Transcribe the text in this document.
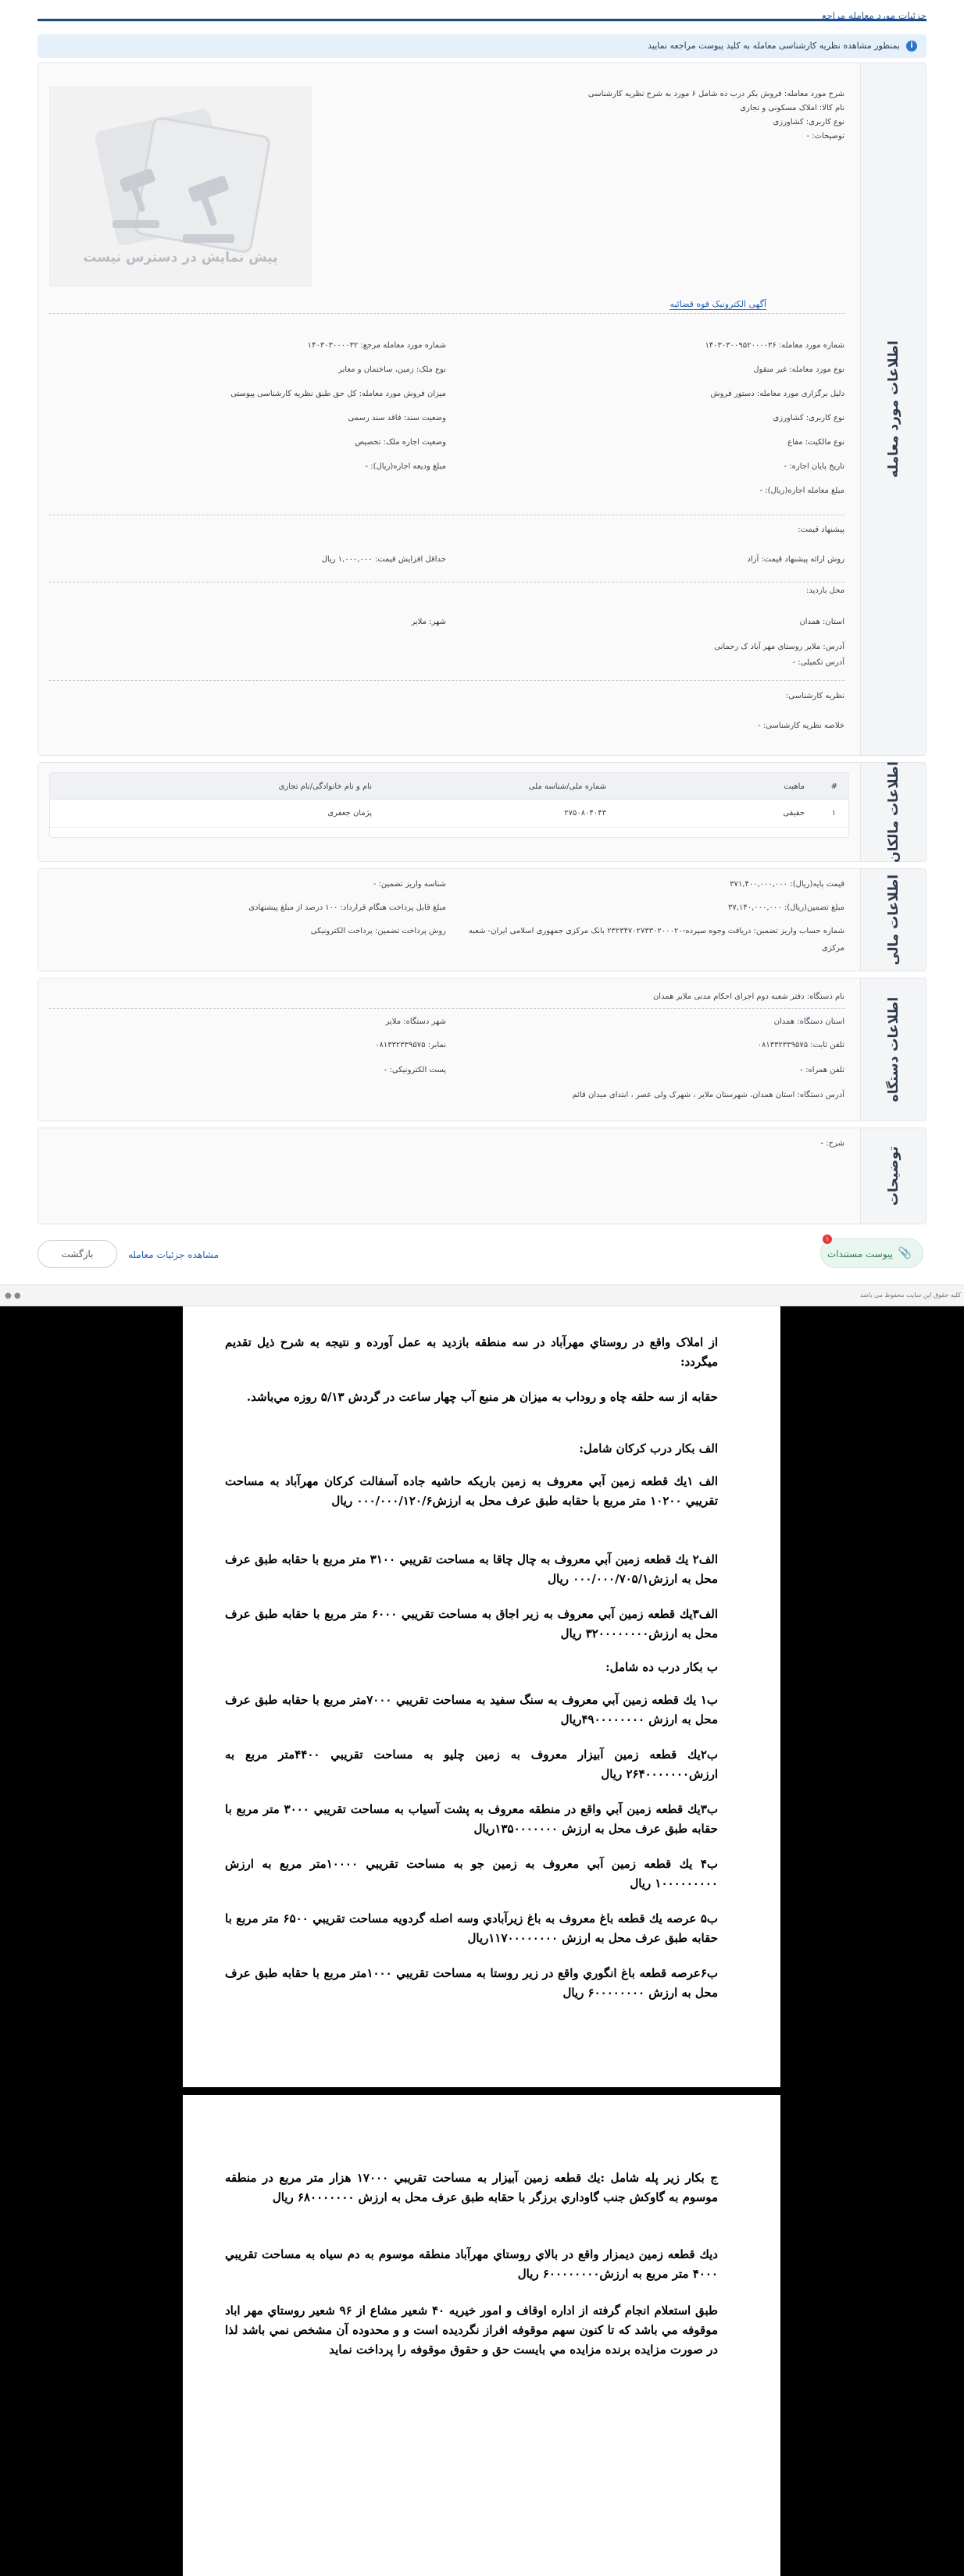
جزئیات مورد معامله مراجع
i
بمنظور مشاهده نظریه کارشناسی معامله به کلید پیوست مراجعه نمایید
اطلاعات مورد معامله
شرح مورد معامله: فروش بکر درب ده شامل ۶ مورد به شرح نظریه کارشناسی
نام کالا: املاک مسکونی و تجاری
نوع کاربری: کشاورزی
توضیحات: -
پیش نمایش در دسترس نیست
آگهی الکترونیک قوه قضائیه
شماره مورد معامله: ۱۴۰۳۰۳۰۰۹۵۲۰۰۰۰۳۶
نوع مورد معامله: غیر منقول
دلیل برگزاری مورد معامله: دستور فروش
نوع کاربری: کشاورزی
نوع مالکیت: مفاع
تاریخ پایان اجاره: -
مبلغ معامله اجاره(ریال): -
شماره مورد معامله مرجع: ۱۴۰۳۰۳۰۰۰۰۳۲
نوع ملک: زمین، ساختمان و معابر
میزان فروش مورد معامله: کل حق طبق نظریه کارشناسی پیوستی
وضعیت سند: فاقد سند رسمی
وضعیت اجاره ملک: تخصیص
مبلغ ودیعه اجاره(ریال): -
پیشنهاد قیمت:
روش ارائه پیشنهاد قیمت: آزاد
حداقل افزایش قیمت: ۱,۰۰۰,۰۰۰ ریال
محل بازدید:
استان: همدان
شهر: ملایر
آدرس: ملایر روستای مهر آباد ک رحمانی
آدرس تکمیلی: -
نظریه کارشناسی:
خلاصه نظریه کارشناسی: -
اطلاعات مالکان
#
ماهیت
شماره ملی/شناسه ملی
نام و نام خانوادگی/نام تجاری
۱
حقیقی
۲۷۵۰۸۰۴۰۴۳
پژمان جعفری
اطلاعات مالی
قیمت پایه(ریال): ۳۷۱,۴۰۰,۰۰۰,۰۰۰
شناسه واریز تضمین: -
مبلغ تضمین(ریال): ۳۷,۱۴۰,۰۰۰,۰۰۰
مبلغ قابل پرداخت هنگام قرارداد: ۱۰۰ درصد از مبلغ پیشنهادی
شماره حساب واریز تضمین: دریافت وجوه سپرده-۲۳۲۳۴۷۰۲۷۳۳۰۲۰۰۰۲۰ بانک مرکزی جمهوری اسلامی ایران- شعبه
روش پرداخت تضمین: پرداخت الکترونیکی
مرکزی
اطلاعات دستگاه
نام دستگاه: دفتر شعبه دوم اجرای احکام مدنی ملایر همدان
استان دستگاه: همدان
شهر دستگاه: ملایر
تلفن ثابت: ۰۸۱۳۳۲۳۳۹۵۷۵
نمابر: ۰۸۱۳۳۲۳۳۹۵۷۵
تلفن همراه: -
پست الکترونیکی: -
آدرس دستگاه: استان همدان، شهرستان ملایر ، شهرک ولی عصر ، ابتدای میدان قائم
توضیحات
شرح: -
📎
پیوست مستندات
۱
مشاهده جزئیات معامله
بازگشت
● ●	کلیه حقوق این سایت محفوظ می باشد
از املاک واقع در روستاي مهرآباد در سه منطقه بازديد به عمل آورده و نتيجه به شرح ذيل تقديم ميگردد:
حقابه از سه حلقه چاه و روداب به ميزان هر منبع آب چهار ساعت در گردش ۵/۱۳ روزه مي‌باشد.
الف بکار درب کرکان شامل:
الف ۱يك قطعه زمين آبي معروف به زمين باريكه حاشيه جاده آسفالت كركان مهرآباد به مساحت تقريبي ۱۰۲۰۰ متر مربع با حقابه طبق عرف محل به ارزش۰۰۰/۰۰۰/۱۲۰/۶ ريال
الف۲ يك قطعه زمين آبي معروف به چال چاقا به مساحت تقريبي ۳۱۰۰ متر مربع با حقابه طبق عرف محل به ارزش۰۰۰/۰۰۰/۷۰۵/۱ ريال
الف۳يك قطعه زمين آبي معروف به زير اجاق به مساحت تقريبي ۶۰۰۰ متر مربع با حقابه طبق عرف محل به ارزش۳۲۰۰۰۰۰۰۰۰ ريال
ب بکار درب ده شامل:
ب۱ يك قطعه زمين آبي معروف به سنگ سفيد به مساحت تقريبي ۷۰۰۰متر مربع با حقابه طبق عرف محل به ارزش ۴۹۰۰۰۰۰۰۰۰ريال
ب۲يك قطعه زمين آبيزار معروف به زمين چليو به مساحت تقريبي ۴۴۰۰متر مربع به ارزش۲۶۴۰۰۰۰۰۰۰ ريال
ب۳يك قطعه زمين آبي واقع در منطقه معروف به پشت آسياب به مساحت تقريبي ۳۰۰۰ متر مربع با حقابه طبق عرف محل به ارزش ۱۳۵۰۰۰۰۰۰۰ريال
ب۴ يك قطعه زمين آبي معروف به زمين جو به مساحت تقريبي ۱۰۰۰۰متر مربع به ارزش ۱۰۰۰۰۰۰۰۰۰ ريال
ب۵ عرصه يك قطعه باغ معروف به باغ زيرآبادي وسه اصله گردويه مساحت تقريبي ۶۵۰۰ متر مربع با حقابه طبق عرف محل به ارزش ۱۱۷۰۰۰۰۰۰۰۰ريال
ب۶عرصه قطعه باغ انگوري واقع در زير روستا به مساحت تقريبي ۱۰۰۰متر مربع با حقابه طبق عرف محل به ارزش ۶۰۰۰۰۰۰۰۰ ريال
ج بکار زير پله شامل :يك قطعه زمين آبيزار به مساحت تقريبي ۱۷۰۰۰ هزار متر مربع در منطقه موسوم به گاوكش جنب گاوداري برزگر با حقابه طبق عرف محل به ارزش ۶۸۰۰۰۰۰۰۰ ريال
ديك قطعه زمين ديمزار واقع در بالاي روستاي مهرآباد منطقه موسوم به دم سياه به مساحت تقريبي ۴۰۰۰ متر مربع به ارزش۶۰۰۰۰۰۰۰۰ ريال
طبق استعلام انجام گرفته از اداره اوقاف و امور خيريه ۴۰ شعير مشاع از ۹۶ شعير روستاي مهر اباد موقوفه مي باشد كه تا كنون سهم موقوفه افراز نگرديده است و و محدوده آن مشخص نمي باشد لذا در صورت مزايده برنده مزايده مي بايست حق و حقوق موقوفه را پرداخت نمايد
